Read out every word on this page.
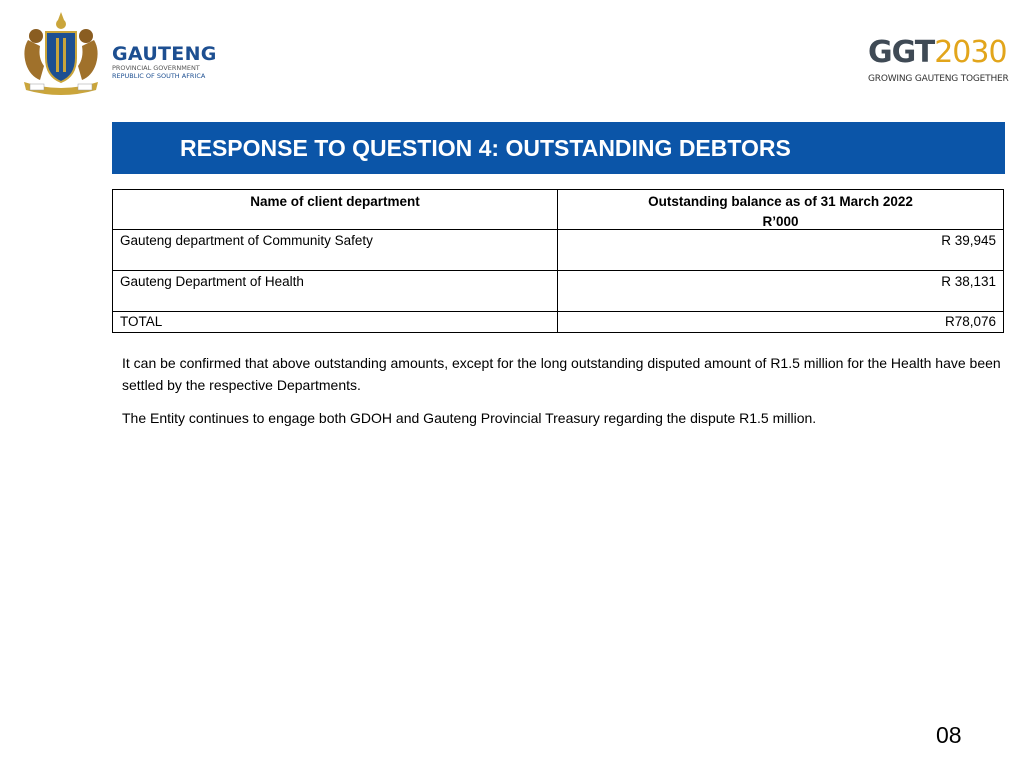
GAUTENG
PROVINCIAL GOVERNMENT
REPUBLIC OF SOUTH AFRICA
GGT2030
GROWING GAUTENG TOGETHER
RESPONSE TO QUESTION 4: OUTSTANDING DEBTORS
Name of client department	Outstanding balance as of 31 March 2022
R’000

Gauteng department of Community Safety	R 39,945
Gauteng Department of Health	R 38,131
TOTAL	R78,076

It can be confirmed that above outstanding amounts, except for the long outstanding disputed amount of R1.5 million for the Health have been settled by the respective Departments.

The Entity continues to engage both GDOH and Gauteng Provincial Treasury regarding the dispute R1.5 million.

08
